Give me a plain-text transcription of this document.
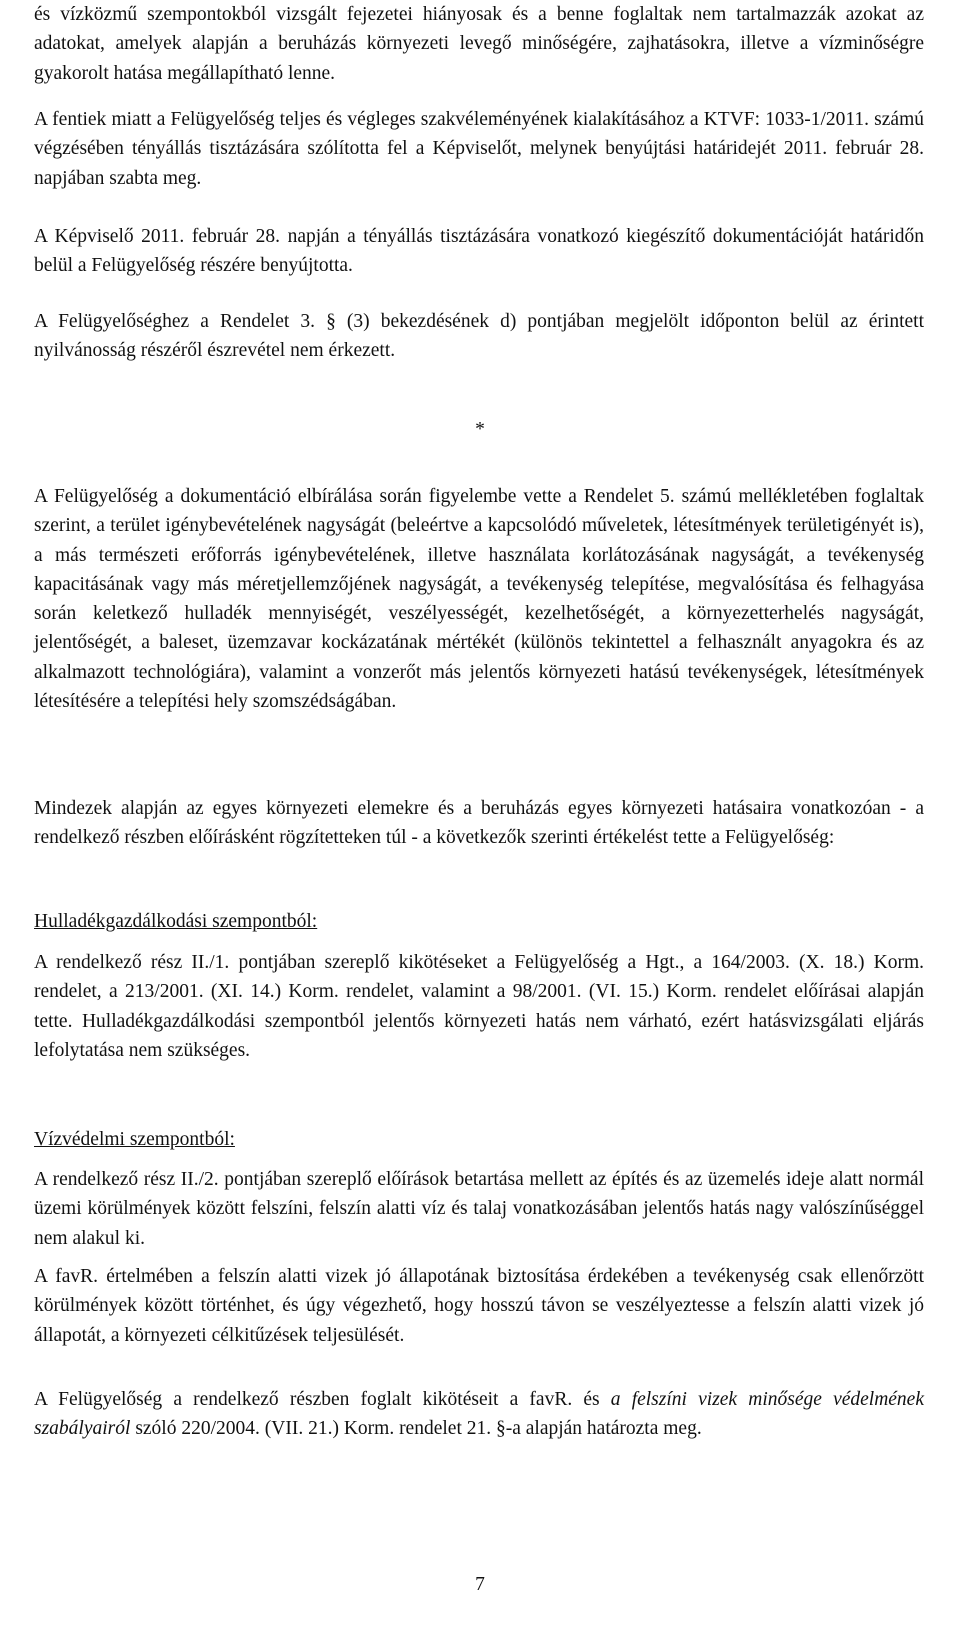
és vízközmű szempontokból vizsgált fejezetei hiányosak és a benne foglaltak nem tartalmazzák azokat az adatokat, amelyek alapján a beruházás környezeti levegő minőségére, zajhatásokra, illetve a vízminőségre gyakorolt hatása megállapítható lenne.

A fentiek miatt a Felügyelőség teljes és végleges szakvéleményének kialakításához a KTVF: 1033-1/2011. számú végzésében tényállás tisztázására szólította fel a Képviselőt, melynek benyújtási határidejét 2011. február 28. napjában szabta meg.

A Képviselő 2011. február 28. napján a tényállás tisztázására vonatkozó kiegészítő dokumentációját határidőn belül a Felügyelőség részére benyújtotta.

A Felügyelőséghez a Rendelet 3. § (3) bekezdésének d) pontjában megjelölt időponton belül az érintett nyilvánosság részéről észrevétel nem érkezett.

*

A Felügyelőség a dokumentáció elbírálása során figyelembe vette a Rendelet 5. számú mellékletében foglaltak szerint, a terület igénybevételének nagyságát (beleértve a kapcsolódó műveletek, létesítmények területigényét is), a más természeti erőforrás igénybevételének, illetve használata korlátozásának nagyságát, a tevékenység kapacitásának vagy más méretjellemzőjének nagyságát, a tevékenység telepítése, megvalósítása és felhagyása során keletkező hulladék mennyiségét, veszélyességét, kezelhetőségét, a környezetterhelés nagyságát, jelentőségét, a baleset, üzemzavar kockázatának mértékét (különös tekintettel a felhasznált anyagokra és az alkalmazott technológiára), valamint a vonzerőt más jelentős környezeti hatású tevékenységek, létesítmények létesítésére a telepítési hely szomszédságában.

Mindezek alapján az egyes környezeti elemekre és a beruházás egyes környezeti hatásaira vonatkozóan - a rendelkező részben előírásként rögzítetteken túl - a következők szerinti értékelést tette a Felügyelőség:

Hulladékgazdálkodási szempontból:

A rendelkező rész II./1. pontjában szereplő kikötéseket a Felügyelőség a Hgt., a 164/2003. (X. 18.) Korm. rendelet, a 213/2001. (XI. 14.) Korm. rendelet, valamint a 98/2001. (VI. 15.) Korm. rendelet előírásai alapján tette. Hulladékgazdálkodási szempontból jelentős környezeti hatás nem várható, ezért hatásvizsgálati eljárás lefolytatása nem szükséges.

Vízvédelmi szempontból:

A rendelkező rész II./2. pontjában szereplő előírások betartása mellett az építés és az üzemelés ideje alatt normál üzemi körülmények között felszíni, felszín alatti víz és talaj vonatkozásában jelentős hatás nagy valószínűséggel nem alakul ki.

A favR. értelmében a felszín alatti vizek jó állapotának biztosítása érdekében a tevékenység csak ellenőrzött körülmények között történhet, és úgy végezhető, hogy hosszú távon se veszélyeztesse a felszín alatti vizek jó állapotát, a környezeti célkitűzések teljesülését.

A Felügyelőség a rendelkező részben foglalt kikötéseit a favR. és a felszíni vizek minősége védelmének szabályairól szóló 220/2004. (VII. 21.) Korm. rendelet 21. §-a alapján határozta meg.

7
